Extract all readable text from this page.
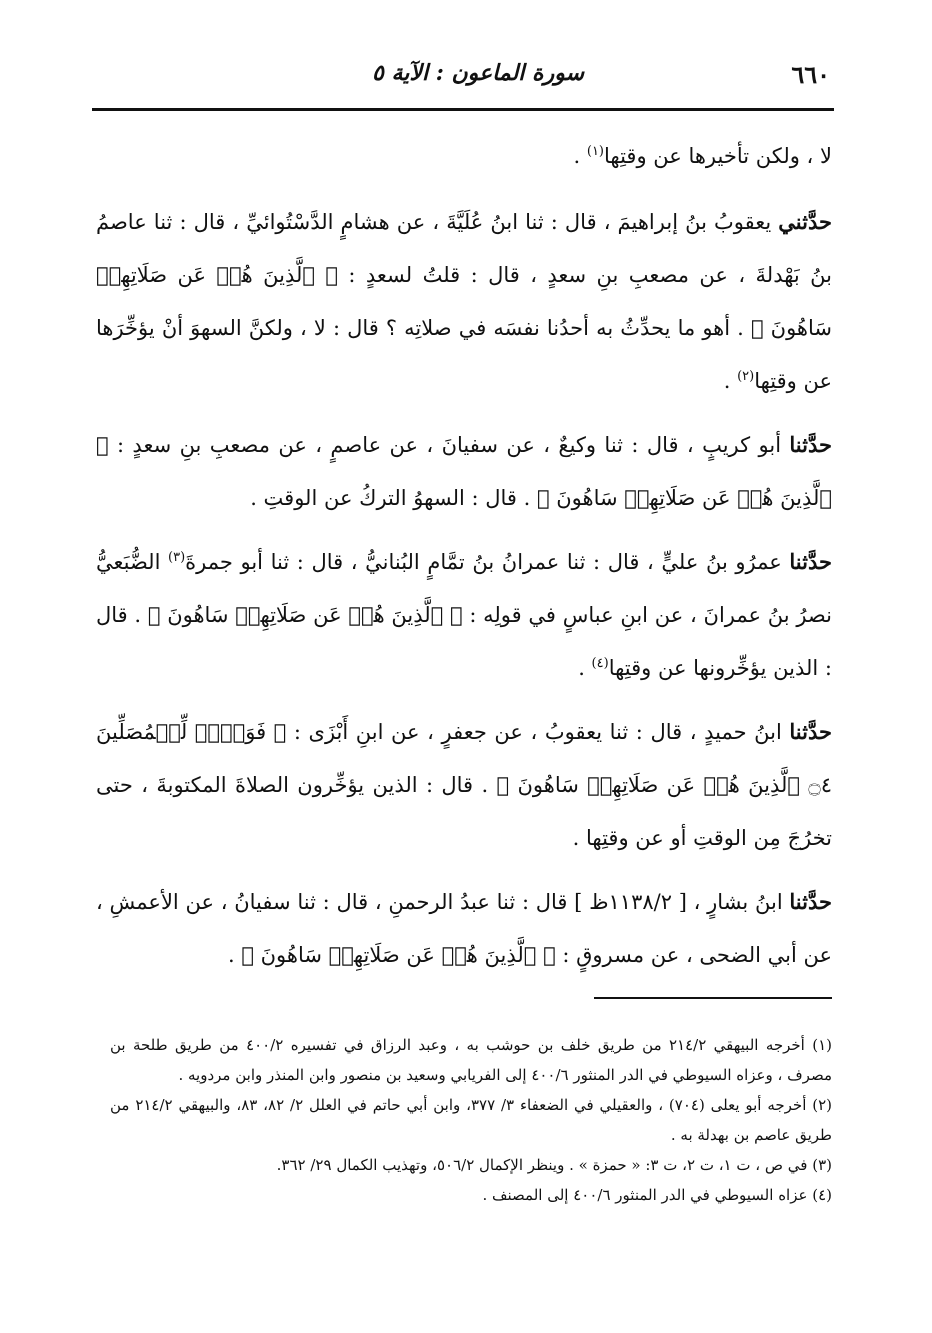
٦٦٠
سورة الماعون : الآية ٥

لا ، ولكن تأخيرها عن وقتِها$^{(١)}$ .

حدَّثني يعقوبُ بنُ إبراهيمَ ، قال : ثنا ابنُ عُلَيَّةَ ، عن هشامٍ الدَّسْتُوائيِّ ، قال : ثنا عاصمُ بنُ بَهْدلةَ ، عن مصعبِ بنِ سعدٍ ، قال : قلتُ لسعدٍ : ﴿ ٱلَّذِينَ هُمۡ عَن صَلَاتِهِمۡ سَاهُونَ ﴾ . أهو ما يحدِّثُ به أحدُنا نفسَه في صلاتِه ؟ قال : لا ، ولكنَّ السهوَ أنْ يؤخِّرَها عن وقتِها$^{(٢)}$ .

حدَّثنا أبو كريبٍ ، قال : ثنا وكيعٌ ، عن سفيانَ ، عن عاصمٍ ، عن مصعبِ بنِ سعدٍ : ﴿ ٱلَّذِينَ هُمۡ عَن صَلَاتِهِمۡ سَاهُونَ ﴾ . قال : السهوُ التركُ عن الوقتِ .

حدَّثنا عمرُو بنُ عليٍّ ، قال : ثنا عمرانُ بنُ تمَّامٍ البُنانيُّ ، قال : ثنا أبو جمرةَ$^{(٣)}$ الضُّبَعيُّ نصرُ بنُ عمرانَ ، عن ابنِ عباسٍ في قولِه : ﴿ ٱلَّذِينَ هُمۡ عَن صَلَاتِهِمۡ سَاهُونَ ﴾ . قال : الذين يؤخِّرونها عن وقتِها$^{(٤)}$ .

حدَّثنا ابنُ حميدٍ ، قال : ثنا يعقوبُ ، عن جعفرٍ ، عن ابنِ أَبْزَى : ﴿ فَوَيۡلٞ لِّلۡمُصَلِّينَ ۝٤ ٱلَّذِينَ هُمۡ عَن صَلَاتِهِمۡ سَاهُونَ ﴾ . قال : الذين يؤخِّرون الصلاةَ المكتوبةَ ، حتى تخرُجَ مِن الوقتِ أو عن وقتِها .

حدَّثنا ابنُ بشارٍ ، [ ١١٣٨/٢ظ ] قال : ثنا عبدُ الرحمنِ ، قال : ثنا سفيانُ ، عن الأعمشِ ، عن أبي الضحى ، عن مسروقٍ : ﴿ ٱلَّذِينَ هُمۡ عَن صَلَاتِهِمۡ سَاهُونَ ﴾ .

(١) أخرجه البيهقي ٢١٤/٢ من طريق خلف بن حوشب به ، وعبد الرزاق في تفسيره ٤٠٠/٢ من طريق طلحة بن مصرف ، وعزاه السيوطي في الدر المنثور ٤٠٠/٦ إلى الفريابي وسعيد بن منصور وابن المنذر وابن مردويه .

(٢) أخرجه أبو يعلى (٧٠٤) ، والعقيلي في الضعفاء ٣/ ٣٧٧، وابن أبي حاتم في العلل ٢/ ٨٢، ٨٣، والبيهقي ٢١٤/٢ من طريق عاصم بن بهدلة به .

(٣) في ص ، ت ١، ت ٢، ت ٣: « حمزة » . وينظر الإكمال ٥٠٦/٢، وتهذيب الكمال ٢٩/ ٣٦٢.

(٤) عزاه السيوطي في الدر المنثور ٤٠٠/٦ إلى المصنف .
